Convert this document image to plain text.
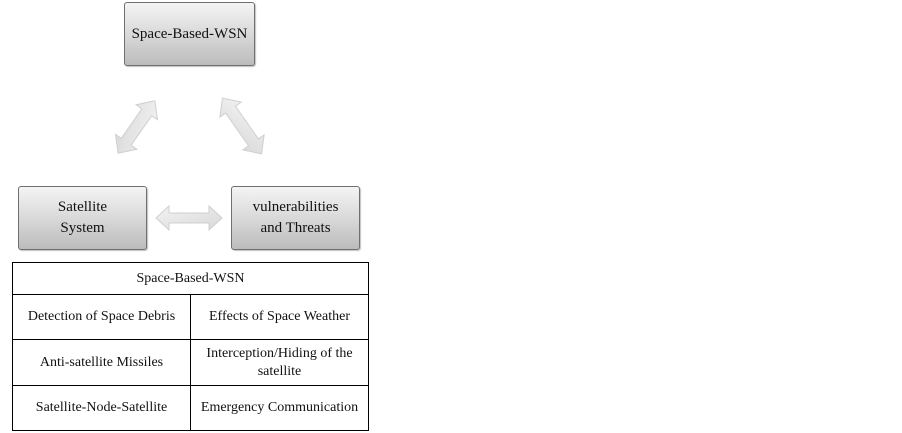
Space-Based-WSN
Satellite
System
vulnerabilities
and Threats
Space-Based-WSN	
Detection of Space Debris	Effects of Space Weather
Anti-satellite Missiles	Interception/Hiding of the satellite
Satellite-Node-Satellite	Emergency Communication
